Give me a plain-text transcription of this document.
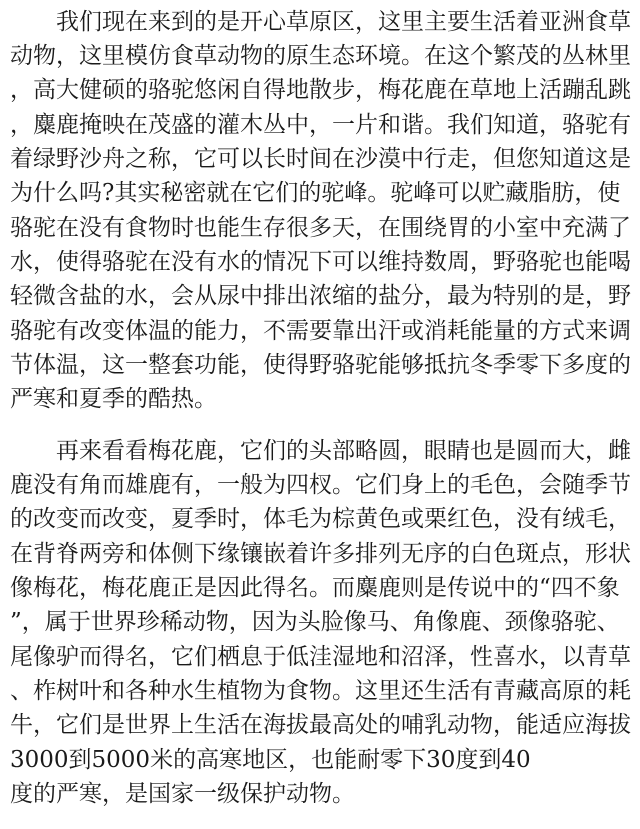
　　我们现在来到的是开心草原区，这里主要生活着亚洲食草
动物，这里模仿食草动物的原生态环境。在这个繁茂的丛林里
，高大健硕的骆驼悠闲自得地散步，梅花鹿在草地上活蹦乱跳
，麋鹿掩映在茂盛的灌木丛中，一片和谐。我们知道，骆驼有
着绿野沙舟之称，它可以长时间在沙漠中行走，但您知道这是
为什么吗?其实秘密就在它们的驼峰。驼峰可以贮藏脂肪，使
骆驼在没有食物时也能生存很多天，在围绕胃的小室中充满了
水，使得骆驼在没有水的情况下可以维持数周，野骆驼也能喝
轻微含盐的水，会从尿中排出浓缩的盐分，最为特别的是，野
骆驼有改变体温的能力，不需要靠出汗或消耗能量的方式来调
节体温，这一整套功能，使得野骆驼能够抵抗冬季零下多度的
严寒和夏季的酷热。
　　再来看看梅花鹿，它们的头部略圆，眼睛也是圆而大，雌
鹿没有角而雄鹿有，一般为四杈。它们身上的毛色，会随季节
的改变而改变，夏季时，体毛为棕黄色或栗红色，没有绒毛，
在背脊两旁和体侧下缘镶嵌着许多排列无序的白色斑点，形状
像梅花，梅花鹿正是因此得名。而麋鹿则是传说中的“四不象
”，属于世界珍稀动物，因为头脸像马、角像鹿、颈像骆驼、
尾像驴而得名，它们栖息于低洼湿地和沼泽，性喜水，以青草
、柞树叶和各种水生植物为食物。这里还生活有青藏高原的耗
牛，它们是世界上生活在海拔最高处的哺乳动物，能适应海拔
3000到5000米的高寒地区，也能耐零下30度到40
度的严寒，是国家一级保护动物。
